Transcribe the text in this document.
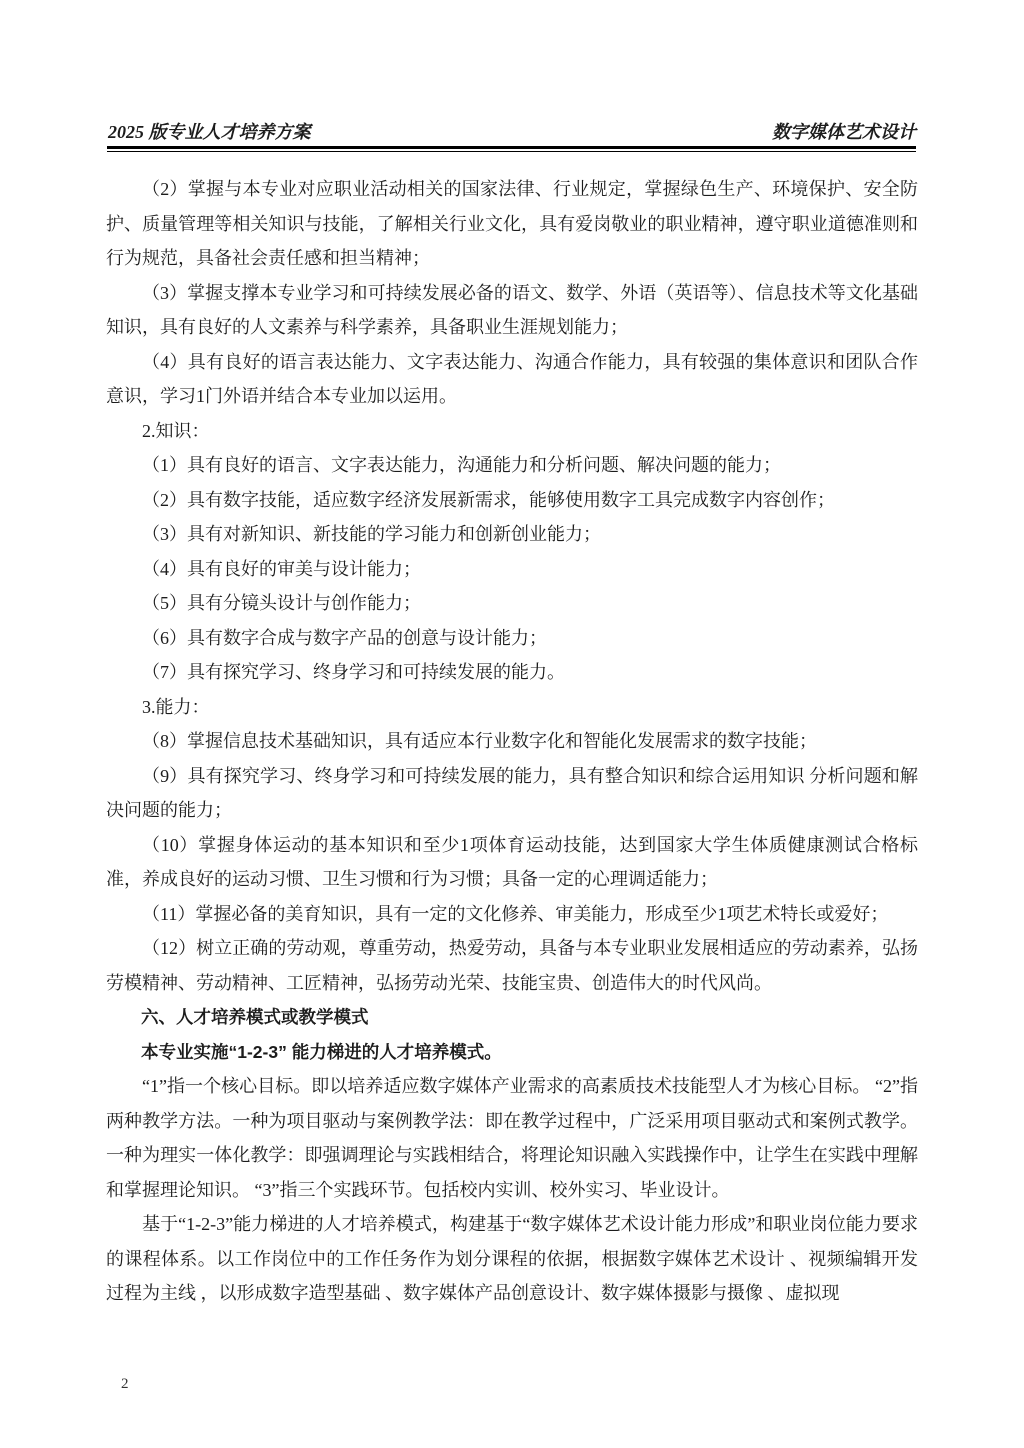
2025 版专业人才培养方案	数字媒体艺术设计

（2）掌握与本专业对应职业活动相关的国家法律、行业规定，掌握绿色生产、环境保护、安全防护、质量管理等相关知识与技能，了解相关行业文化，具有爱岗敬业的职业精神，遵守职业道德准则和行为规范，具备社会责任感和担当精神；

（3）掌握支撑本专业学习和可持续发展必备的语文、数学、外语（英语等）、信息技术等文化基础知识，具有良好的人文素养与科学素养，具备职业生涯规划能力；

（4）具有良好的语言表达能力、文字表达能力、沟通合作能力，具有较强的集体意识和团队合作意识，学习1门外语并结合本专业加以运用。

2.知识：

（1）具有良好的语言、文字表达能力，沟通能力和分析问题、解决问题的能力；

（2）具有数字技能，适应数字经济发展新需求，能够使用数字工具完成数字内容创作；

（3）具有对新知识、新技能的学习能力和创新创业能力；

（4）具有良好的审美与设计能力；

（5）具有分镜头设计与创作能力；

（6）具有数字合成与数字产品的创意与设计能力；

（7）具有探究学习、终身学习和可持续发展的能力。

3.能力：

（8）掌握信息技术基础知识，具有适应本行业数字化和智能化发展需求的数字技能；

（9）具有探究学习、终身学习和可持续发展的能力，具有整合知识和综合运用知识 分析问题和解决问题的能力；

（10）掌握身体运动的基本知识和至少1项体育运动技能，达到国家大学生体质健康测试合格标准，养成良好的运动习惯、卫生习惯和行为习惯；具备一定的心理调适能力；

（11）掌握必备的美育知识，具有一定的文化修养、审美能力，形成至少1项艺术特长或爱好；

（12）树立正确的劳动观，尊重劳动，热爱劳动，具备与本专业职业发展相适应的劳动素养，弘扬劳模精神、劳动精神、工匠精神，弘扬劳动光荣、技能宝贵、创造伟大的时代风尚。

六、人才培养模式或教学模式

本专业实施“1-2-3” 能力梯进的人才培养模式。

“1”指一个核心目标。即以培养适应数字媒体产业需求的高素质技术技能型人才为核心目标。 “2”指两种教学方法。一种为项目驱动与案例教学法：即在教学过程中，广泛采用项目驱动式和案例式教学。一种为理实一体化教学：即强调理论与实践相结合，将理论知识融入实践操作中，让学生在实践中理解和掌握理论知识。 “3”指三个实践环节。包括校内实训、校外实习、毕业设计。

基于“1-2-3”能力梯进的人才培养模式，构建基于“数字媒体艺术设计能力形成”和职业岗位能力要求的课程体系。以工作岗位中的工作任务作为划分课程的依据，根据数字媒体艺术设计 、视频编辑开发过程为主线 ，以形成数字造型基础 、数字媒体产品创意设计、数字媒体摄影与摄像 、虚拟现

2
